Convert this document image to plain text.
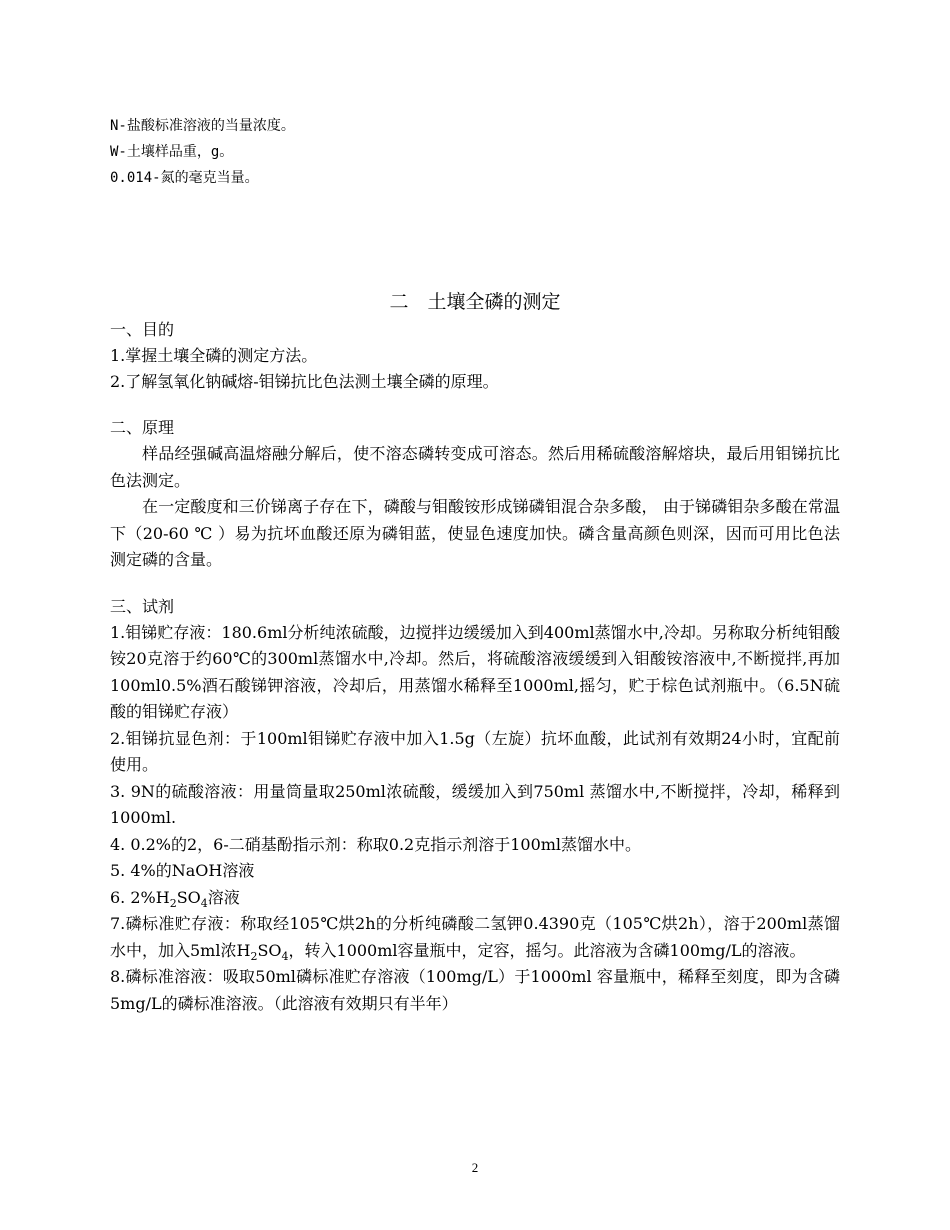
N-盐酸标准溶液的当量浓度。
W-土壤样品重，g。
0.014-氮的毫克当量。

二　土壤全磷的测定

一、目的
1.掌握土壤全磷的测定方法。
2.了解氢氧化钠碱熔-钼锑抗比色法测土壤全磷的原理。
二、原理

样品经强碱高温熔融分解后，使不溶态磷转变成可溶态。然后用稀硫酸溶解熔块，最后用钼锑抗比色法测定。

在一定酸度和三价锑离子存在下，磷酸与钼酸铵形成锑磷钼混合杂多酸， 由于锑磷钼杂多酸在常温下（20-60 ℃ ）易为抗坏血酸还原为磷钼蓝，使显色速度加快。磷含量高颜色则深，因而可用比色法测定磷的含量。

三、试剂

1.钼锑贮存液：180.6ml分析纯浓硫酸，边搅拌边缓缓加入到400ml蒸馏水中,冷却。另称取分析纯钼酸铵20克溶于约60℃的300ml蒸馏水中,冷却。然后，将硫酸溶液缓缓到入钼酸铵溶液中,不断搅拌,再加100ml0.5%酒石酸锑钾溶液，冷却后，用蒸馏水稀释至1000ml,摇匀，贮于棕色试剂瓶中。（6.5N硫酸的钼锑贮存液）

2.钼锑抗显色剂：于100ml钼锑贮存液中加入1.5g（左旋）抗坏血酸，此试剂有效期24小时，宜配前使用。

3. 9N的硫酸溶液：用量筒量取250ml浓硫酸，缓缓加入到750ml 蒸馏水中,不断搅拌，冷却，稀释到1000ml.

4. 0.2%的2，6-二硝基酚指示剂：称取0.2克指示剂溶于100ml蒸馏水中。

5. 4%的NaOH溶液

6. $2\%H_2SO_4$溶液

7.磷标准贮存液：称取经105℃烘2h的分析纯磷酸二氢钾0.4390克（105℃烘2h），溶于200ml蒸馏水中，加入5ml浓$H_2SO_4$，转入1000ml容量瓶中，定容，摇匀。此溶液为含磷100mg/L的溶液。

8.磷标准溶液：吸取50ml磷标准贮存溶液（100mg/L）于1000ml 容量瓶中，稀释至刻度，即为含磷5mg/L的磷标准溶液。（此溶液有效期只有半年）

2
